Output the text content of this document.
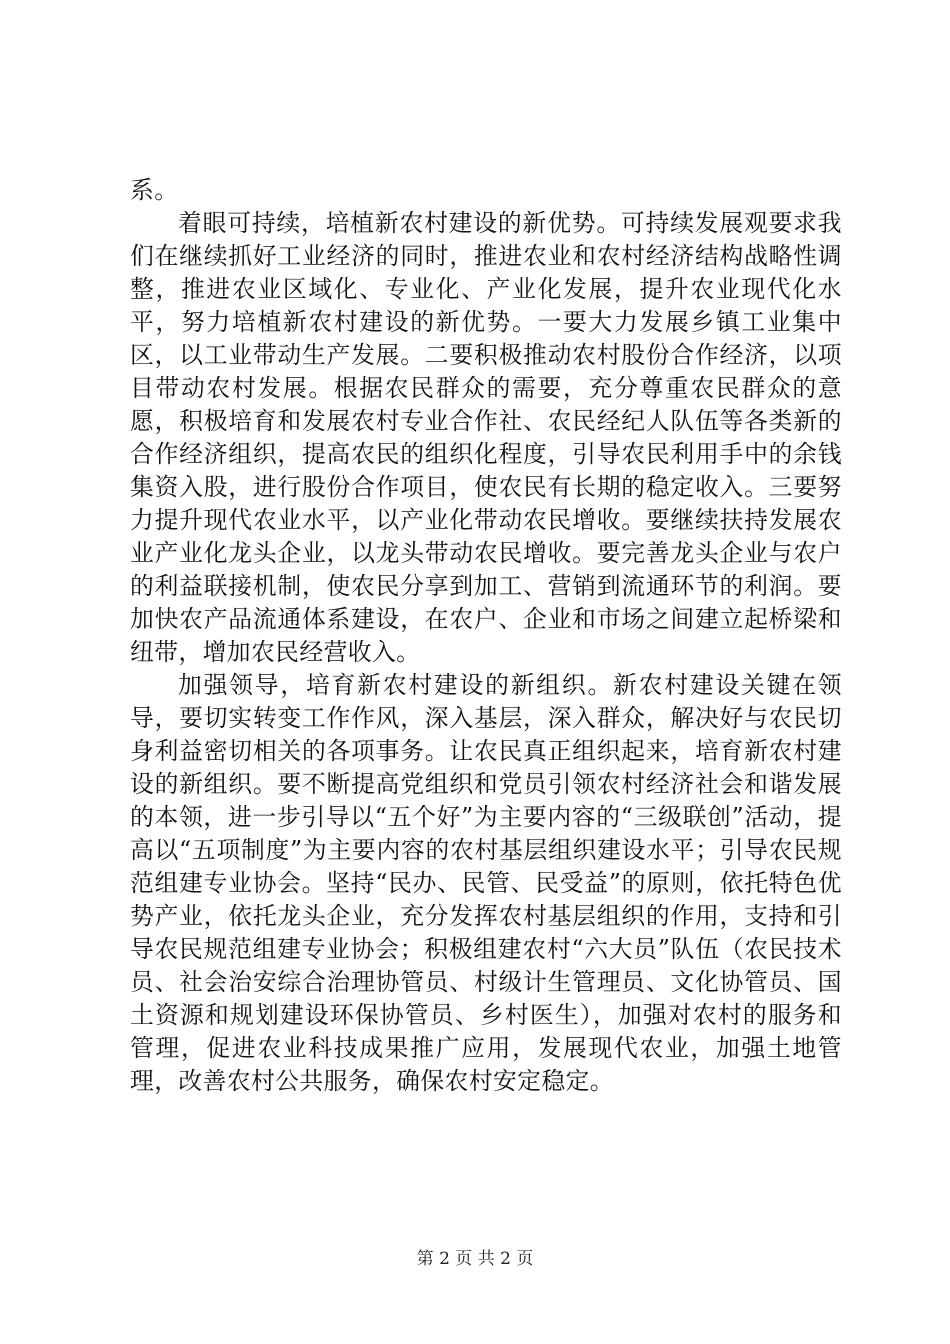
系。

着眼可持续，培植新农村建设的新优势。可持续发展观要求我们在继续抓好工业经济的同时，推进农业和农村经济结构战略性调整，推进农业区域化、专业化、产业化发展，提升农业现代化水平，努力培植新农村建设的新优势。一要大力发展乡镇工业集中区，以工业带动生产发展。二要积极推动农村股份合作经济，以项目带动农村发展。根据农民群众的需要，充分尊重农民群众的意愿，积极培育和发展农村专业合作社、农民经纪人队伍等各类新的合作经济组织，提高农民的组织化程度，引导农民利用手中的余钱集资入股，进行股份合作项目，使农民有长期的稳定收入。三要努力提升现代农业水平，以产业化带动农民增收。要继续扶持发展农业产业化龙头企业，以龙头带动农民增收。要完善龙头企业与农户的利益联接机制，使农民分享到加工、营销到流通环节的利润。要加快农产品流通体系建设，在农户、企业和市场之间建立起桥梁和纽带，增加农民经营收入。

加强领导，培育新农村建设的新组织。新农村建设关键在领导，要切实转变工作作风，深入基层，深入群众，解决好与农民切身利益密切相关的各项事务。让农民真正组织起来，培育新农村建设的新组织。要不断提高党组织和党员引领农村经济社会和谐发展的本领，进一步引导以“五个好”为主要内容的“三级联创”活动，提高以“五项制度”为主要内容的农村基层组织建设水平；引导农民规范组建专业协会。坚持“民办、民管、民受益”的原则，依托特色优势产业，依托龙头企业，充分发挥农村基层组织的作用，支持和引导农民规范组建专业协会；积极组建农村“六大员”队伍（农民技术员、社会治安综合治理协管员、村级计生管理员、文化协管员、国土资源和规划建设环保协管员、乡村医生），加强对农村的服务和管理，促进农业科技成果推广应用，发展现代农业，加强土地管理，改善农村公共服务，确保农村安定稳定。

第 2 页 共 2 页
